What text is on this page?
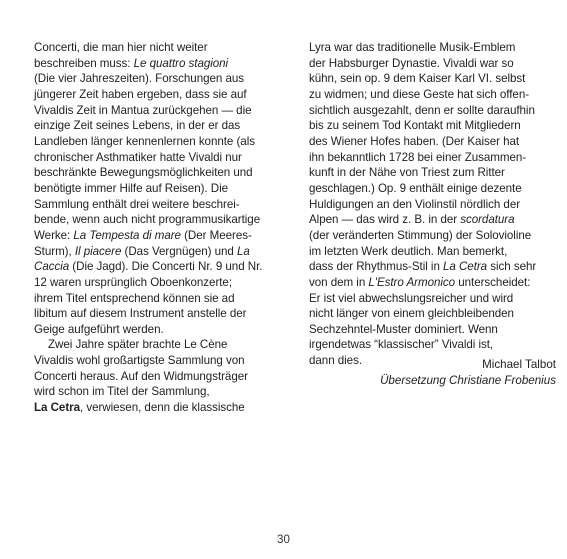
Concerti, die man hier nicht weiter
beschreiben muss: Le quattro stagioni
(Die vier Jahreszeiten). Forschungen aus
jüngerer Zeit haben ergeben, dass sie auf
Vivaldis Zeit in Mantua zurückgehen — die
einzige Zeit seines Lebens, in der er das
Landleben länger kennenlernen konnte (als
chronischer Asthmatiker hatte Vivaldi nur
beschränkte Bewegungsmöglichkeiten und
benötigte immer Hilfe auf Reisen). Die
Sammlung enthält drei weitere beschrei-
bende, wenn auch nicht programmusikartige
Werke: La Tempesta di mare (Der Meeres-
Sturm), Il piacere (Das Vergnügen) und La
Caccia (Die Jagd). Die Concerti Nr. 9 und Nr.
12 waren ursprünglich Oboenkonzerte;
ihrem Titel entsprechend können sie ad
libitum auf diesem Instrument anstelle der
Geige aufgeführt werden.
Zwei Jahre später brachte Le Cène
Vivaldis wohl großartigste Sammlung von
Concerti heraus. Auf den Widmungsträger
wird schon im Titel der Sammlung,
La Cetra, verwiesen, denn die klassische
Lyra war das traditionelle Musik-Emblem
der Habsburger Dynastie. Vivaldi war so
kühn, sein op. 9 dem Kaiser Karl VI. selbst
zu widmen; und diese Geste hat sich offen-
sichtlich ausgezahlt, denn er sollte daraufhin
bis zu seinem Tod Kontakt mit Mitgliedern
des Wiener Hofes haben. (Der Kaiser hat
ihn bekanntlich 1728 bei einer Zusammen-
kunft in der Nähe von Triest zum Ritter
geschlagen.) Op. 9 enthält einige dezente
Huldigungen an den Violinstil nördlich der
Alpen — das wird z. B. in der scordatura
(der veränderten Stimmung) der Solovioline
im letzten Werk deutlich. Man bemerkt,
dass der Rhythmus-Stil in La Cetra sich sehr
von dem in L'Estro Armonico unterscheidet:
Er ist viel abwechslungsreicher und wird
nicht länger von einem gleichbleibenden
Sechzehntel-Muster dominiert. Wenn
irgendetwas “klassischer” Vivaldi ist,
dann dies.	Michael Talbot
Übersetzung Christiane Frobenius
30
